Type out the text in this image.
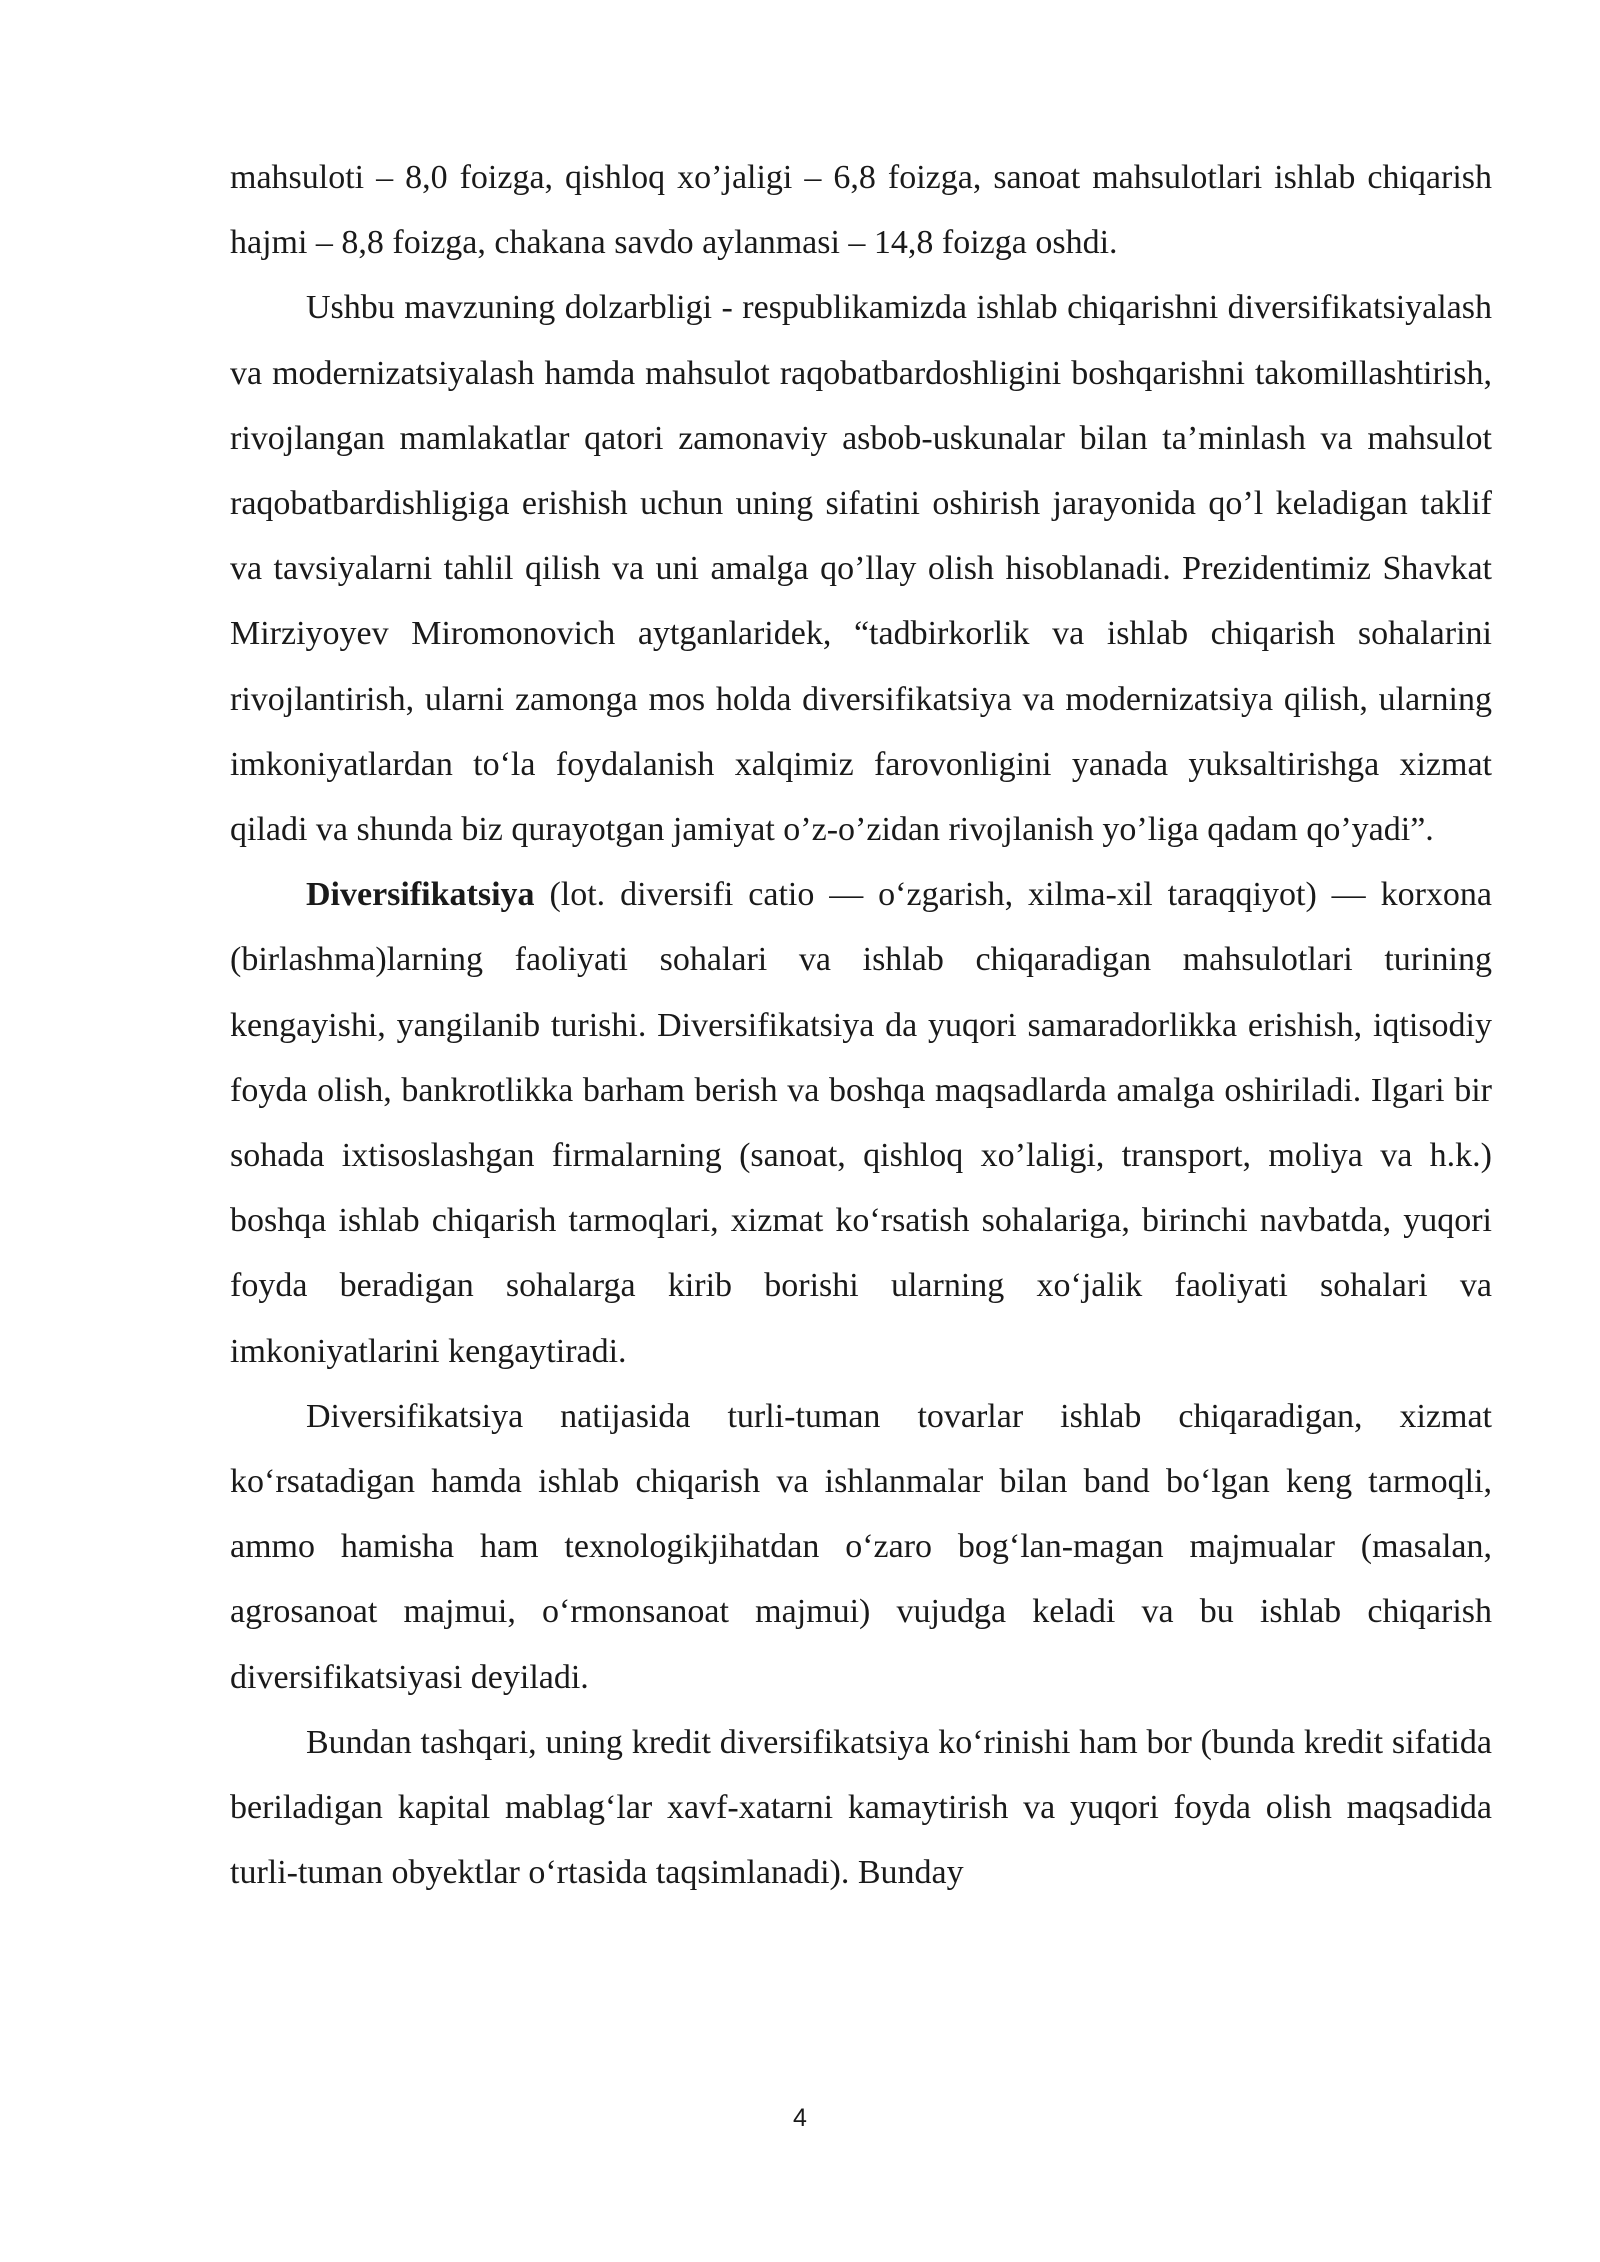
mahsuloti – 8,0 foizga, qishloq xo’jaligi – 6,8 foizga, sanoat mahsulotlari ishlab chiqarish hajmi – 8,8 foizga, chakana savdo aylanmasi – 14,8 foizga oshdi.

Ushbu mavzuning dolzarbligi - respublikamizda ishlab chiqarishni diversifikatsiyalash va modernizatsiyalash hamda mahsulot raqobatbardoshligini boshqarishni takomillashtirish, rivojlangan mamlakatlar qatori zamonaviy asbob-uskunalar bilan ta’minlash va mahsulot raqobatbardishligiga erishish uchun uning sifatini oshirish jarayonida qo’l keladigan taklif va tavsiyalarni tahlil qilish va uni amalga qo’llay olish hisoblanadi. Prezidentimiz Shavkat Mirziyoyev Miromonovich aytganlaridek, “tadbirkorlik va ishlab chiqarish sohalarini rivojlantirish, ularni zamonga mos holda diversifikatsiya va modernizatsiya qilish, ularning imkoniyatlardan to‘la foydalanish xalqimiz farovonligini yanada yuksaltirishga xizmat qiladi va shunda biz qurayotgan jamiyat o’z-o’zidan rivojlanish yo’liga qadam qo’yadi”.

Diversifikatsiya (lot. diversifi catio — o‘zgarish, xilma-xil taraqqiyot) — korxona (birlashma)larning faoliyati sohalari va ishlab chiqaradigan mahsulotlari turining kengayishi, yangilanib turishi. Diversifikatsiya da yuqori samaradorlikka erishish, iqtisodiy foyda olish, bankrotlikka barham berish va boshqa maqsadlarda amalga oshiriladi. Ilgari bir sohada ixtisoslashgan firmalarning (sanoat, qishloq xo’laligi, transport, moliya va h.k.) boshqa ishlab chiqarish tarmoqlari, xizmat ko‘rsatish sohalariga, birinchi navbatda, yuqori foyda beradigan sohalarga kirib borishi ularning xo‘jalik faoliyati sohalari va imkoniyatlarini kengaytiradi.

Diversifikatsiya natijasida turli-tuman tovarlar ishlab chiqaradigan, xizmat ko‘rsatadigan hamda ishlab chiqarish va ishlanmalar bilan band bo‘lgan keng tarmoqli, ammo hamisha ham texnologikjihatdan o‘zaro bog‘lan-magan majmualar (masalan, agrosanoat majmui, o‘rmonsanoat majmui) vujudga keladi va bu ishlab chiqarish diversifikatsiyasi deyiladi.

Bundan tashqari, uning kredit diversifikatsiya ko‘rinishi ham bor (bunda kredit sifatida beriladigan kapital mablag‘lar xavf-xatarni kamaytirish va yuqori foyda olish maqsadida turli-tuman obyektlar o‘rtasida taqsimlanadi). Bunday

4
